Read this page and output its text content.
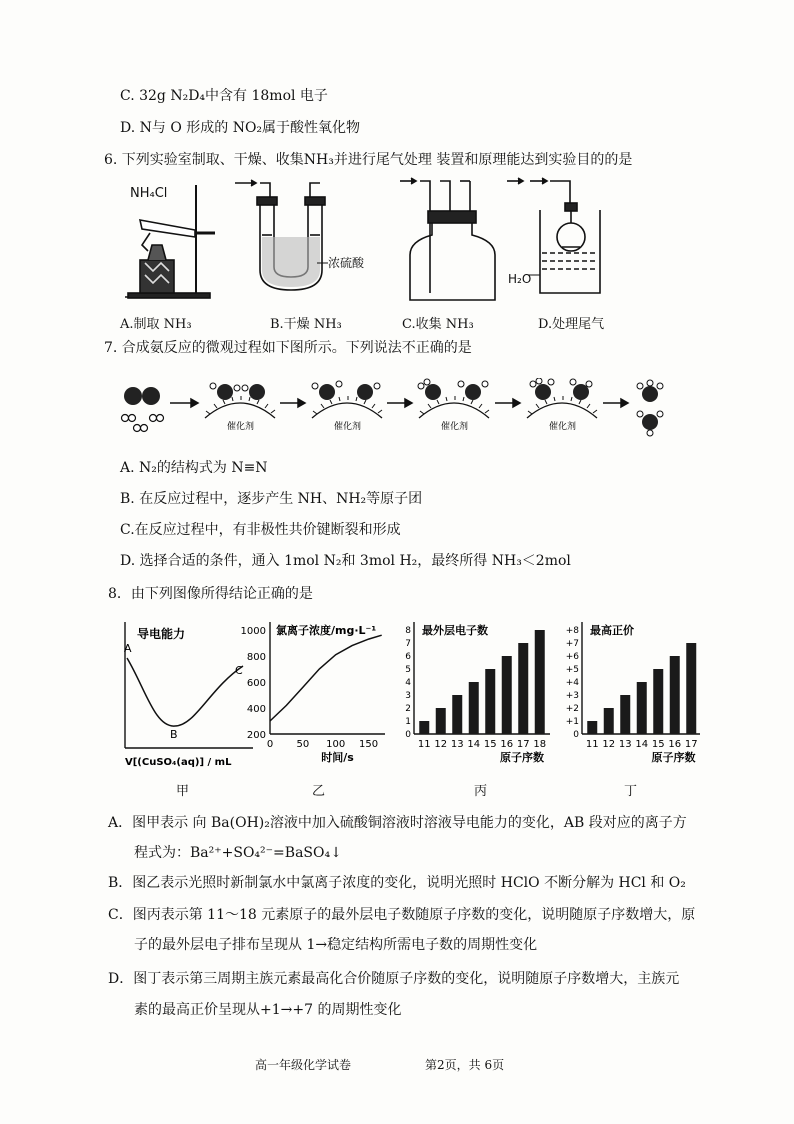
C. 32g N₂D₄中含有 18mol 电子
D. N与 O 形成的 NO₂属于酸性氧化物
6. 下列实验室制取、干燥、收集NH₃并进行尾气处理 装置和原理能达到实验目的的是
NH₄Cl
浓硫酸
H₂O
A.制取 NH₃	B.干燥 NH₃	C.收集 NH₃	D.处理尾气
7. 合成氨反应的微观过程如下图所示。下列说法不正确的是
催化剂	催化剂	催化剂	催化剂
A. N₂的结构式为 N≡N
B. 在反应过程中，逐步产生 NH、NH₂等原子团
C.在反应过程中，有非极性共价键断裂和形成
D. 选择合适的条件，通入 1mol N₂和 3mol H₂，最终所得 NH₃＜2mol
8．由下列图像所得结论正确的是
导电能力
A
B
C
V[(CuSO₄(aq)] / mL
氯离子浓度/mg·L⁻¹
200
400
600
800
1000
0 50 100 150
时间/s
最外层电子数
0
1
2
3
4
5
6
7
8
11 12 13 14 15 16 17 18
原子序数
最高正价
0
+1
+2
+3
+4
+5
+6
+7
+8
11 12 13 14 15 16 17
原子序数
甲	乙	丙	丁
A．图甲表示 向 Ba(OH)₂溶液中加入硫酸铜溶液时溶液导电能力的变化，AB 段对应的离子方
程式为：Ba²⁺+SO₄²⁻=BaSO₄↓
B．图乙表示光照时新制氯水中氯离子浓度的变化，说明光照时 HClO 不断分解为 HCl 和 O₂
C．图丙表示第 11～18 元素原子的最外层电子数随原子序数的变化，说明随原子序数增大，原
子的最外层电子排布呈现从 1→稳定结构所需电子数的周期性变化
D．图丁表示第三周期主族元素最高化合价随原子序数的变化，说明随原子序数增大，主族元
素的最高正价呈现从+1→+7 的周期性变化
高一年级化学试卷	第2页，共 6页
